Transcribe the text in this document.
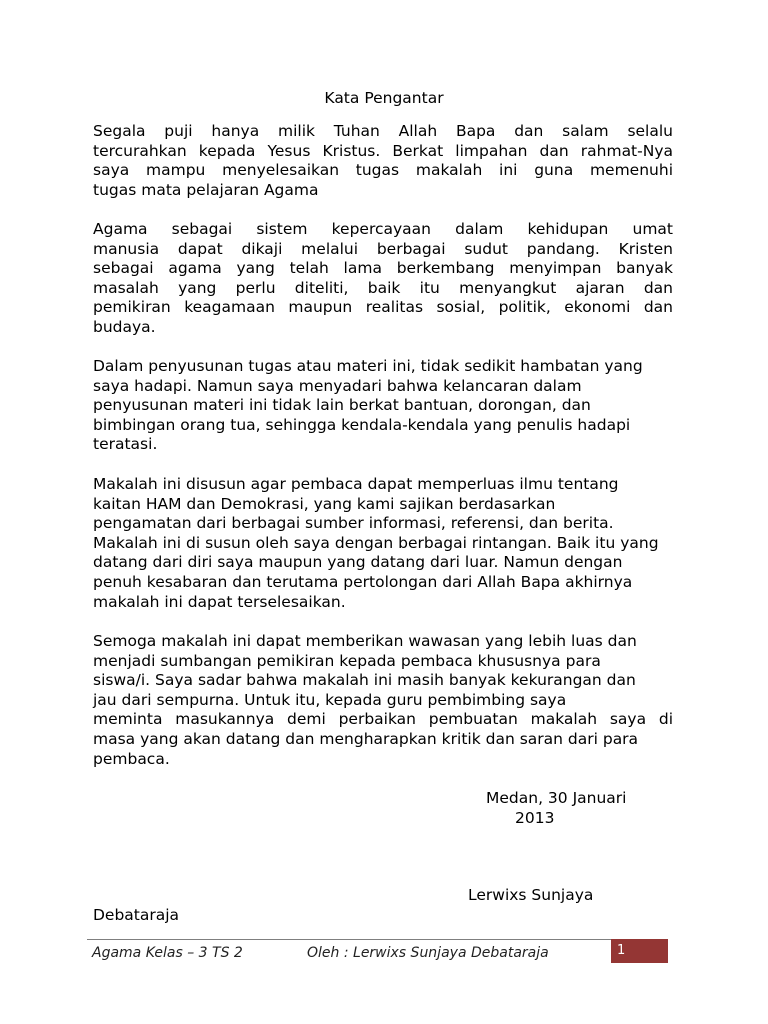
Kata Pengantar
Segala puji hanya milik Tuhan Allah Bapa dan salam selalu
tercurahkan kepada Yesus Kristus. Berkat limpahan dan rahmat-Nya
saya mampu menyelesaikan tugas makalah ini guna memenuhi
tugas mata pelajaran Agama
Agama sebagai sistem kepercayaan dalam kehidupan umat
manusia dapat dikaji melalui berbagai sudut pandang. Kristen
sebagai agama yang telah lama berkembang menyimpan banyak
masalah yang perlu diteliti, baik itu menyangkut ajaran dan
pemikiran keagamaan maupun realitas sosial, politik, ekonomi dan
budaya.
Dalam penyusunan tugas atau materi ini, tidak sedikit hambatan yang
saya hadapi. Namun saya menyadari bahwa kelancaran dalam
penyusunan materi ini tidak lain berkat bantuan, dorongan, dan
bimbingan orang tua, sehingga kendala-kendala yang penulis hadapi
teratasi.
Makalah ini disusun agar pembaca dapat memperluas ilmu tentang
kaitan HAM dan Demokrasi, yang kami sajikan berdasarkan
pengamatan dari berbagai sumber informasi, referensi, dan berita.
Makalah ini di susun oleh saya dengan berbagai rintangan. Baik itu yang
datang dari diri saya maupun yang datang dari luar. Namun dengan
penuh kesabaran dan terutama pertolongan dari Allah Bapa akhirnya
makalah ini dapat terselesaikan.
Semoga makalah ini dapat memberikan wawasan yang lebih luas dan
menjadi sumbangan pemikiran kepada pembaca khususnya para
siswa/i. Saya sadar bahwa makalah ini masih banyak kekurangan dan
jau dari sempurna. Untuk itu, kepada guru pembimbing saya
meminta masukannya demi perbaikan pembuatan makalah saya di
masa yang akan datang dan mengharapkan kritik dan saran dari para
pembaca.
Medan, 30 Januari
2013
Lerwixs Sunjaya
Debataraja
Agama Kelas – 3 TS 2	Oleh : Lerwixs Sunjaya Debataraja	1
